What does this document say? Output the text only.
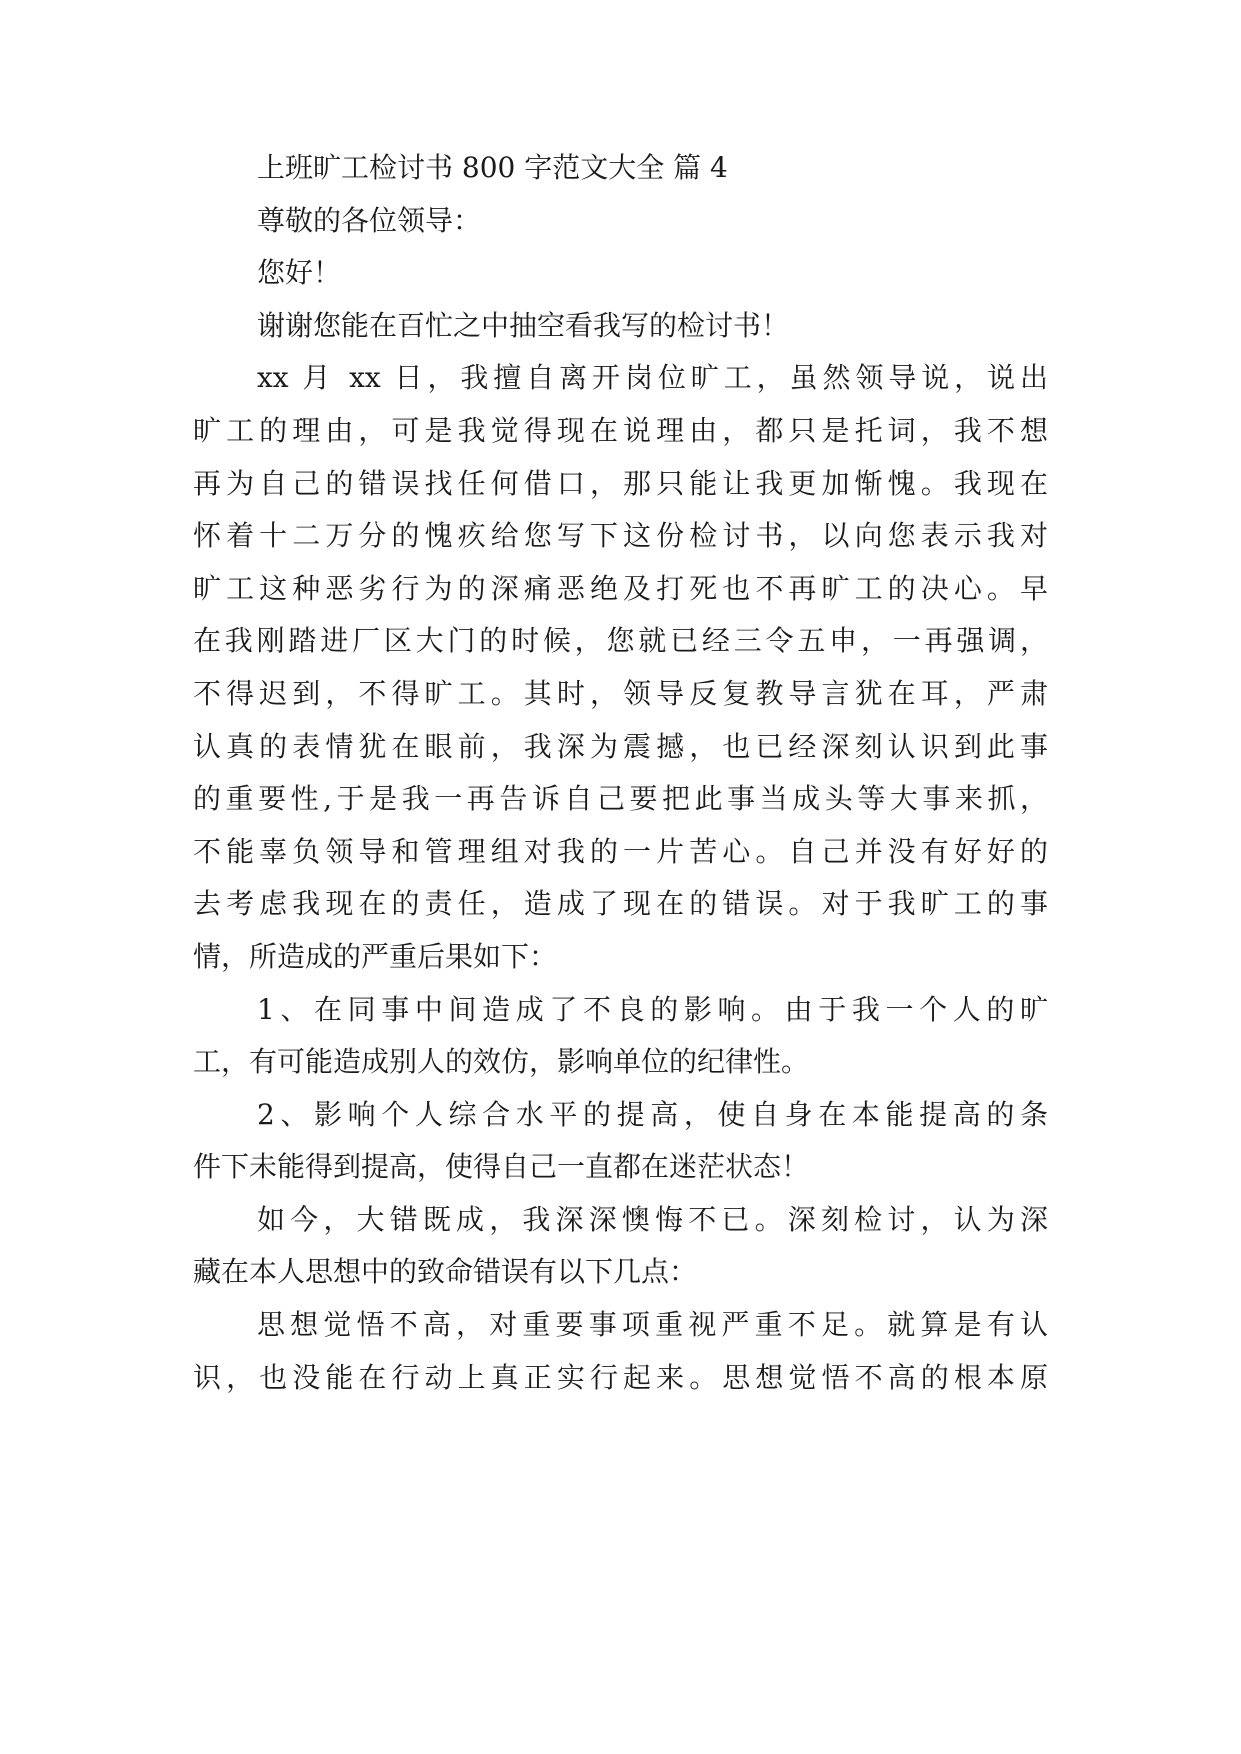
上班旷工检讨书 800 字范文大全 篇 4
尊敬的各位领导：
您好！
谢谢您能在百忙之中抽空看我写的检讨书！
xx 月 xx 日，我擅自离开岗位旷工，虽然领导说，说出
旷工的理由，可是我觉得现在说理由，都只是托词，我不想
再为自己的错误找任何借口，那只能让我更加惭愧。我现在
怀着十二万分的愧疚给您写下这份检讨书，以向您表示我对
旷工这种恶劣行为的深痛恶绝及打死也不再旷工的决心。早
在我刚踏进厂区大门的时候，您就已经三令五申，一再强调，
不得迟到，不得旷工。其时，领导反复教导言犹在耳，严肃
认真的表情犹在眼前，我深为震撼，也已经深刻认识到此事
的重要性,于是我一再告诉自己要把此事当成头等大事来抓，
不能辜负领导和管理组对我的一片苦心。自己并没有好好的
去考虑我现在的责任，造成了现在的错误。对于我旷工的事
情，所造成的严重后果如下：
1、在同事中间造成了不良的影响。由于我一个人的旷
工，有可能造成别人的效仿，影响单位的纪律性。
2、影响个人综合水平的提高，使自身在本能提高的条
件下未能得到提高，使得自己一直都在迷茫状态！
如今，大错既成，我深深懊悔不已。深刻检讨，认为深
藏在本人思想中的致命错误有以下几点：
思想觉悟不高，对重要事项重视严重不足。就算是有认
识，也没能在行动上真正实行起来。思想觉悟不高的根本原
